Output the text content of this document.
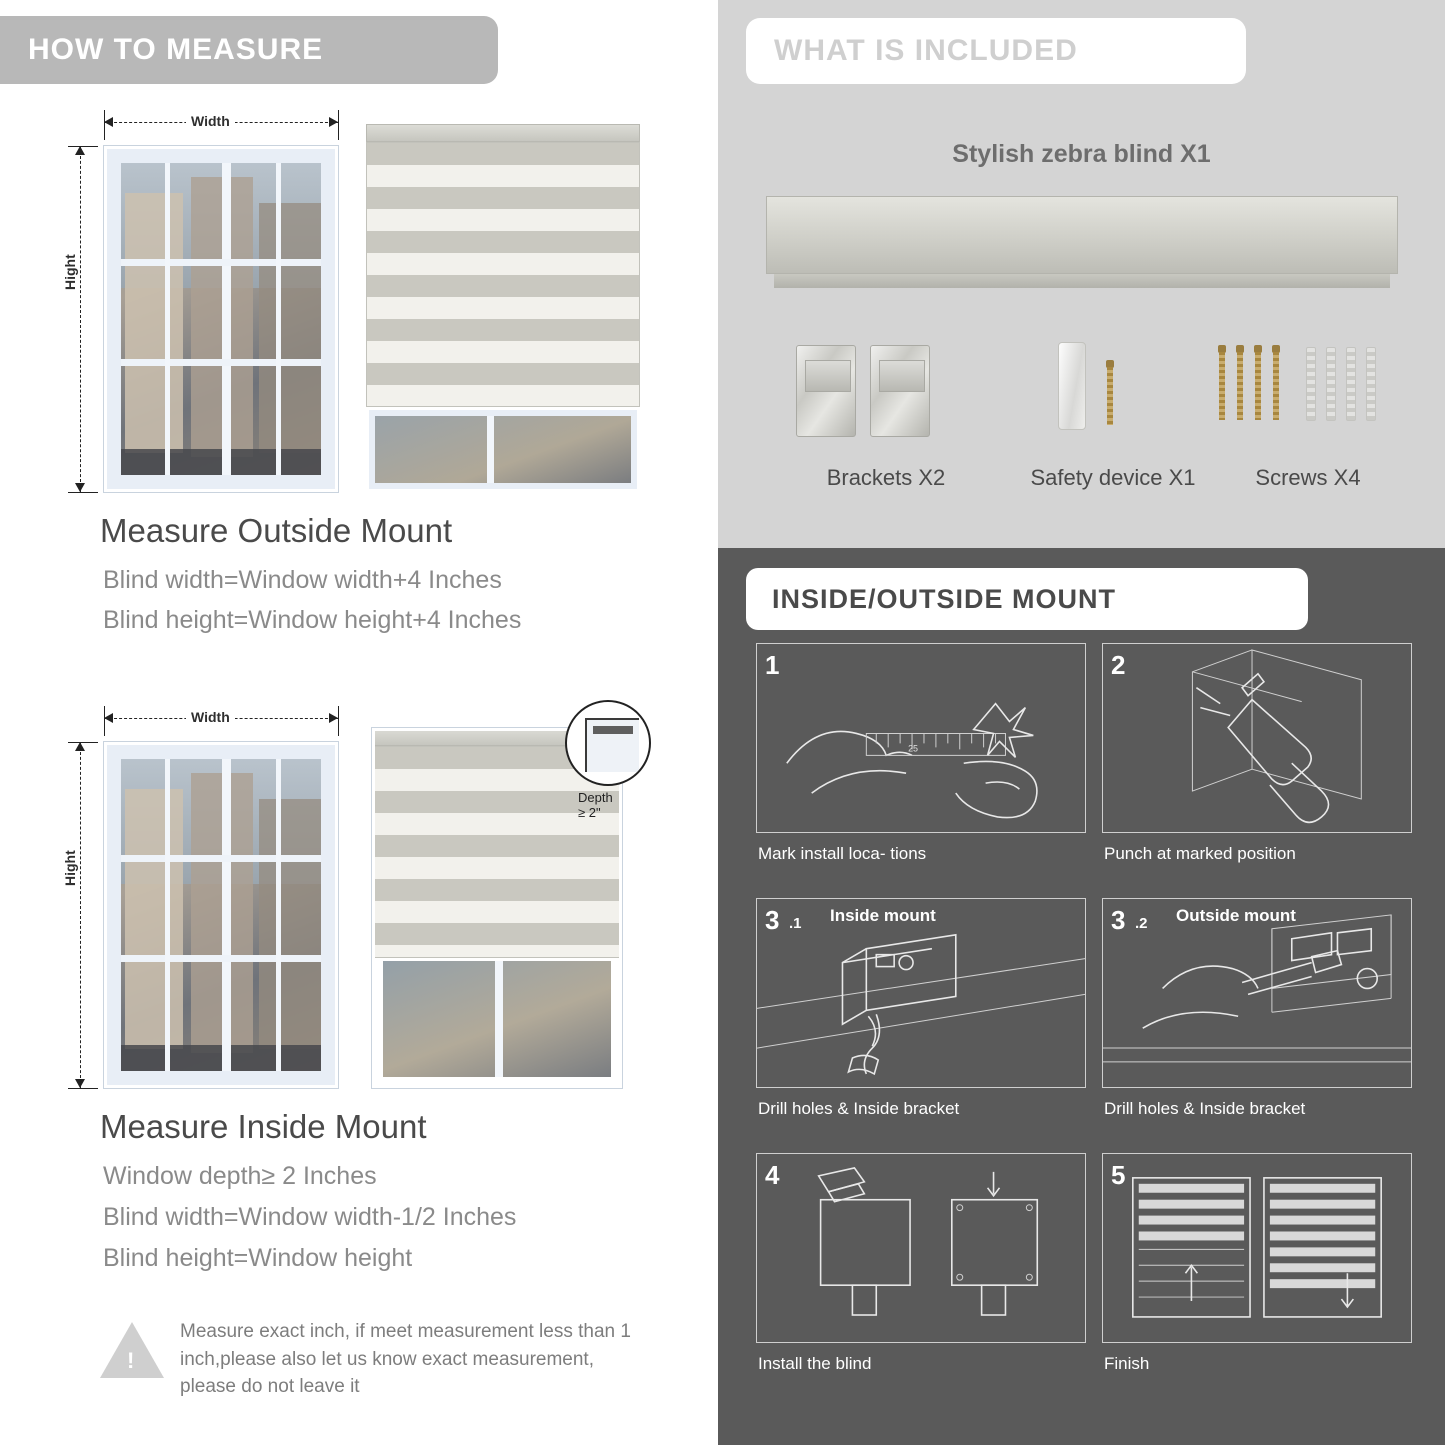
HOW TO MEASURE
Width
Hight
Measure Outside Mount
Blind width=Window width+4 Inches
Blind height=Window height+4 Inches
Width
Hight
Depth ≥ 2"
Measure Inside Mount
Window depth≥ 2 Inches
Blind width=Window width-1/2 Inches
Blind height=Window height
!
Measure exact inch, if meet measurement less than 1 inch,please also let us know exact measurement, please do not leave it
WHAT IS INCLUDED
Stylish zebra blind X1
Brackets X2	Safety device X1	Screws X4
INSIDE/OUTSIDE MOUNT
1
25
Mark install loca- tions
2
Punch at marked position
3 .1 Inside mount
Drill holes & Inside bracket
3 .2 Outside mount
Drill holes & Inside bracket
4
Install the blind
5
Finish
